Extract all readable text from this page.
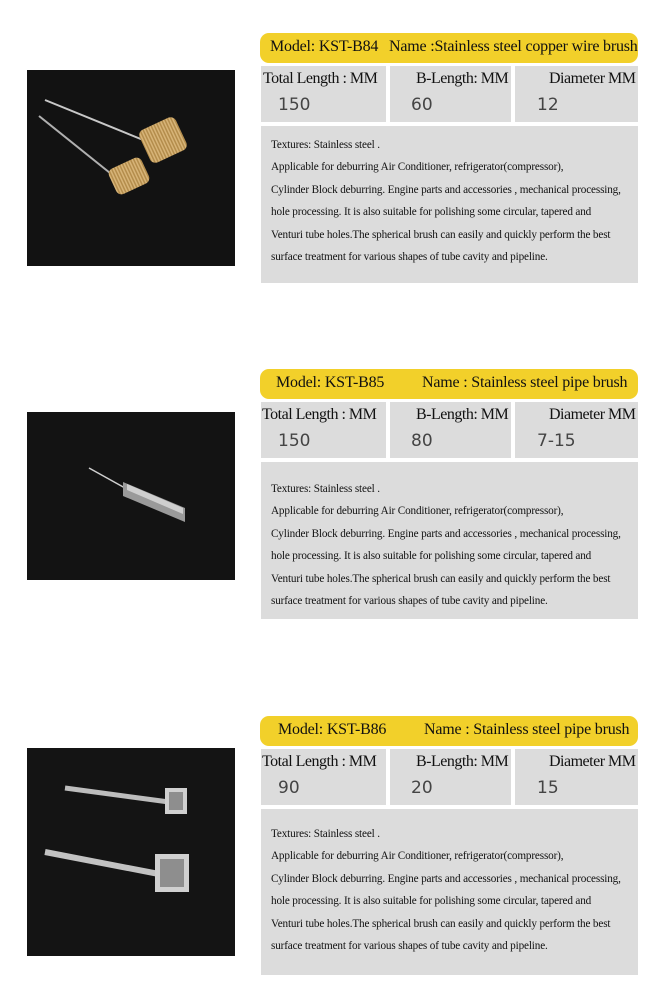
Model: KST-B84 Name :Stainless steel copper wire brush
Total Length : MM
150
B-Length: MM
60
Diameter MM
12
Textures: Stainless steel .
Applicable for deburring Air Conditioner, refrigerator(compressor),
Cylinder Block deburring. Engine parts and accessories , mechanical processing,
hole processing. It is also suitable for polishing some circular, tapered and
Venturi tube holes.The spherical brush can easily and quickly perform the best
surface treatment for various shapes of tube cavity and pipeline.
Model: KST-B85 Name : Stainless steel pipe brush
Total Length : MM
150
B-Length: MM
80
Diameter MM
7-15
Textures: Stainless steel .
Applicable for deburring Air Conditioner, refrigerator(compressor),
Cylinder Block deburring. Engine parts and accessories , mechanical processing,
hole processing. It is also suitable for polishing some circular, tapered and
Venturi tube holes.The spherical brush can easily and quickly perform the best
surface treatment for various shapes of tube cavity and pipeline.
Model: KST-B86 Name : Stainless steel pipe brush
Total Length : MM
90
B-Length: MM
20
Diameter MM
15
Textures: Stainless steel .
Applicable for deburring Air Conditioner, refrigerator(compressor),
Cylinder Block deburring. Engine parts and accessories , mechanical processing,
hole processing. It is also suitable for polishing some circular, tapered and
Venturi tube holes.The spherical brush can easily and quickly perform the best
surface treatment for various shapes of tube cavity and pipeline.
